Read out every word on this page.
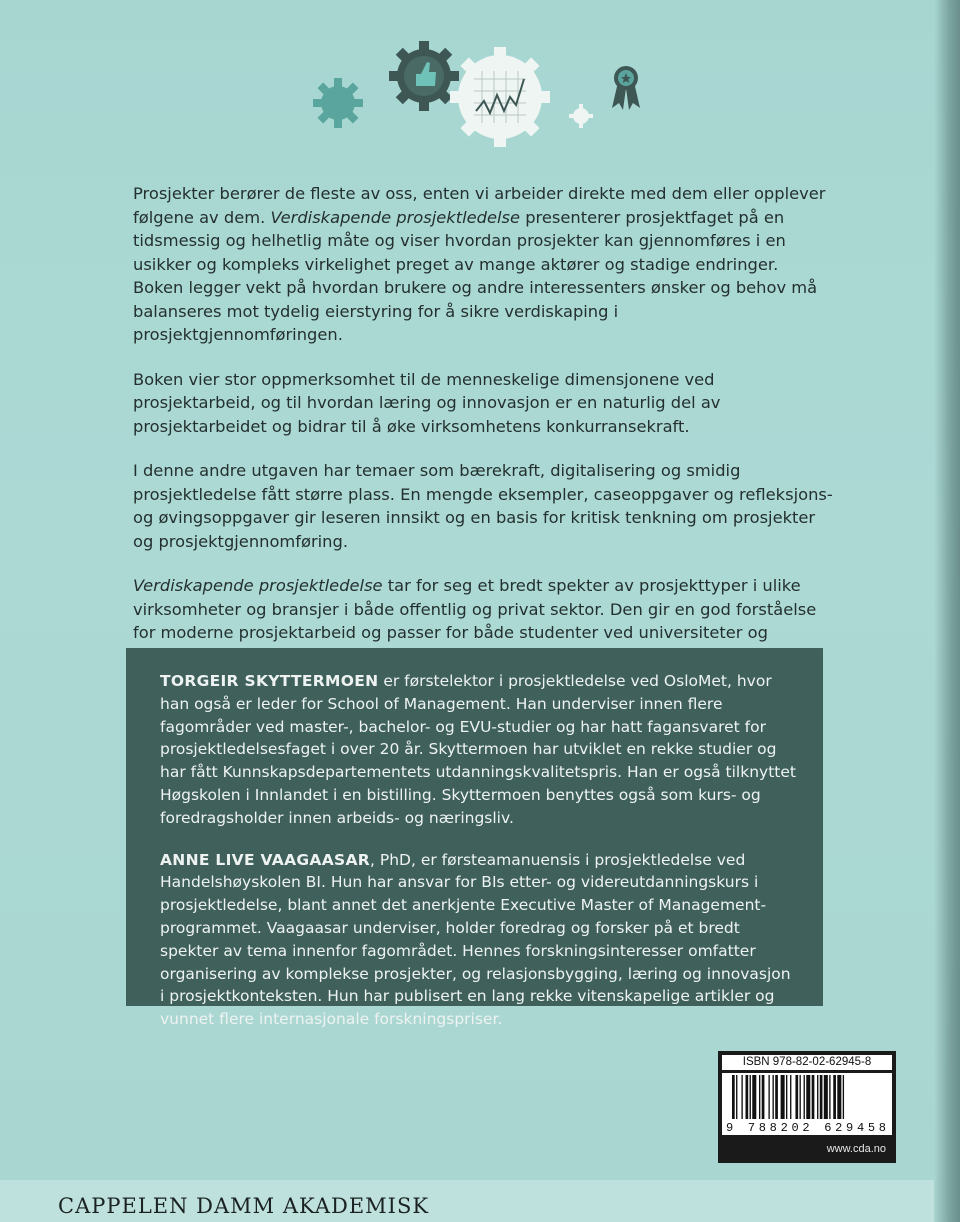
Prosjekter berører de fleste av oss, enten vi arbeider direkte med dem eller opplever følgene av dem. Verdiskapende prosjektledelse presenterer prosjektfaget på en tidsmessig og helhetlig måte og viser hvordan prosjekter kan gjennomføres i en usikker og kompleks virkelighet preget av mange aktører og stadige endringer. Boken legger vekt på hvordan brukere og andre interessenters ønsker og behov må balanseres mot tydelig eierstyring for å sikre verdiskaping i prosjektgjennomføringen.

Boken vier stor oppmerksomhet til de menneskelige dimensjonene ved prosjektarbeid, og til hvordan læring og innovasjon er en naturlig del av prosjektarbeidet og bidrar til å øke virksomhetens konkurransekraft.

I denne andre utgaven har temaer som bærekraft, digitalisering og smidig prosjektledelse fått større plass. En mengde eksempler, caseoppgaver og refleksjons- og øvingsoppgaver gir leseren innsikt og en basis for kritisk tenkning om prosjekter og prosjektgjennomføring.

Verdiskapende prosjektledelse tar for seg et bredt spekter av prosjekttyper i ulike virksomheter og bransjer i både offentlig og privat sektor. Den gir en god forståelse for moderne prosjektarbeid og passer for både studenter ved universiteter og

TORGEIR SKYTTERMOEN er førstelektor i prosjektledelse ved OsloMet, hvor han også er leder for School of Management. Han underviser innen flere fagområder ved master-, bachelor- og EVU-studier og har hatt fagansvaret for prosjektledelsesfaget i over 20 år. Skyttermoen har utviklet en rekke studier og har fått Kunnskapsdepartementets utdanningskvalitetspris. Han er også tilknyttet Høgskolen i Innlandet i en bistilling. Skyttermoen benyttes også som kurs- og foredragsholder innen arbeids- og næringsliv.

ANNE LIVE VAAGAASAR, PhD, er førsteamanuensis i prosjektledelse ved Handelshøyskolen BI. Hun har ansvar for BIs etter- og videreutdanningskurs i prosjektledelse, blant annet det anerkjente Executive Master of Management-programmet. Vaagaasar underviser, holder foredrag og forsker på et bredt spekter av tema innenfor fagområdet. Hennes forskningsinteresser omfatter organisering av komplekse prosjekter, og relasjonsbygging, læring og innovasjon i prosjektkonteksten. Hun har publisert en lang rekke vitenskapelige artikler og vunnet flere internasjonale forskningspriser.

ISBN 978-82-02-62945-8
9 788202 629458
www.cda.no
CAPPELEN DAMM AKADEMISK
